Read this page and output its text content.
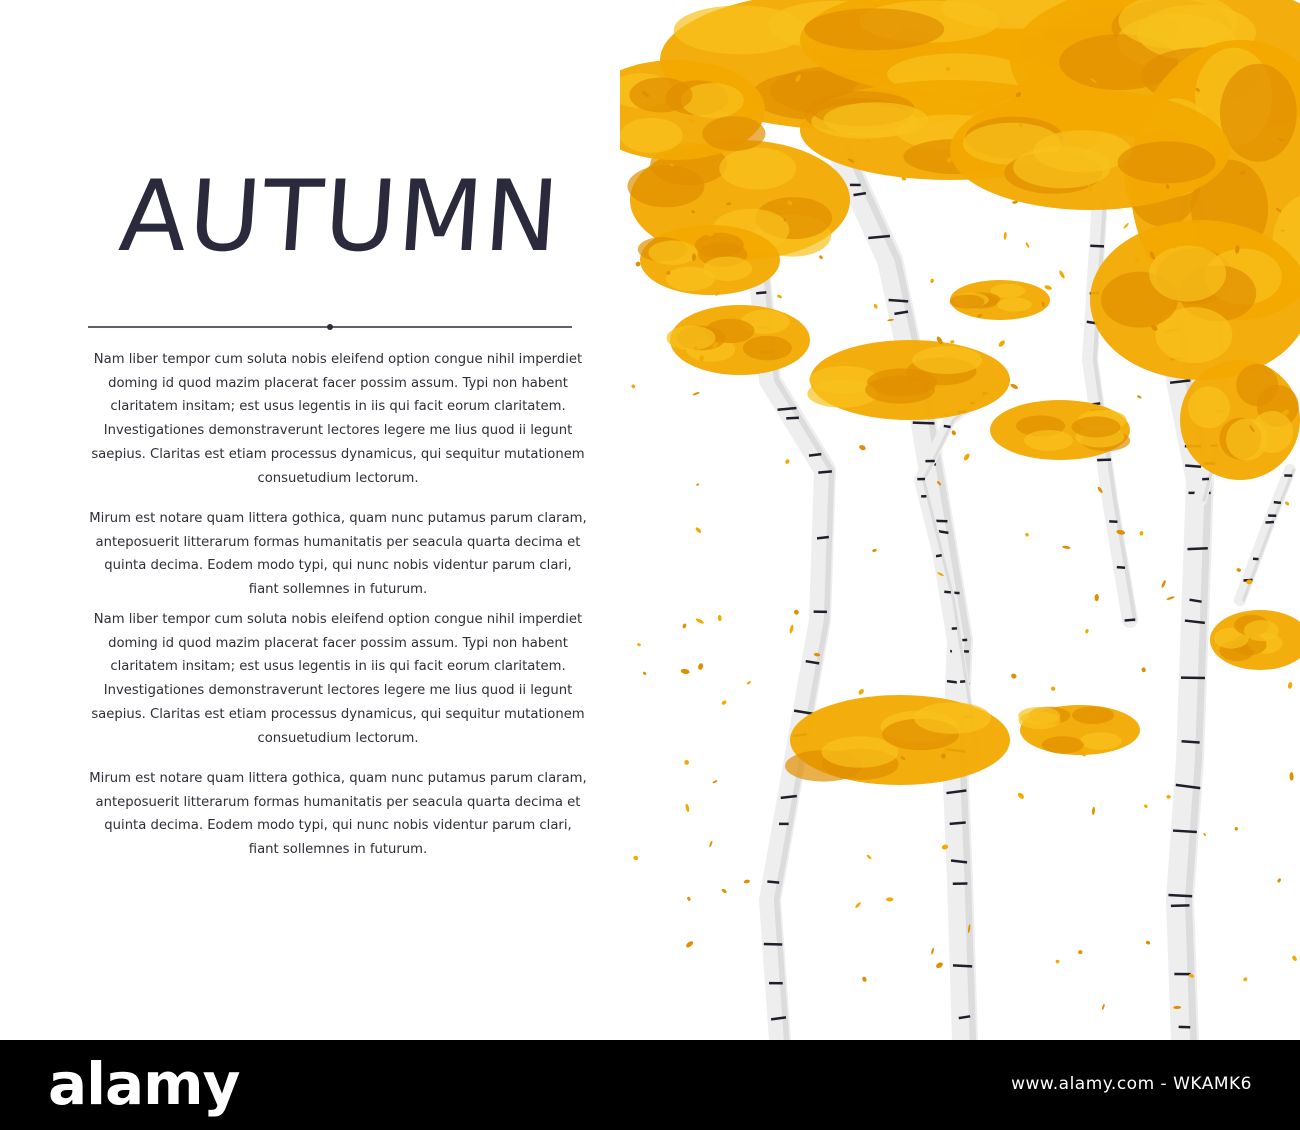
AUTUMN

Nam liber tempor cum soluta nobis eleifend option congue nihil imperdiet doming id quod mazim placerat facer possim assum. Typi non habent claritatem insitam; est usus legentis in iis qui facit eorum claritatem. Investigationes demonstraverunt lectores legere me lius quod ii legunt saepius. Claritas est etiam processus dynamicus, qui sequitur mutationem consuetudium lectorum.

Mirum est notare quam littera gothica, quam nunc putamus parum claram, anteposuerit litterarum formas humanitatis per seacula quarta decima et quinta decima. Eodem modo typi, qui nunc nobis videntur parum clari, fiant sollemnes in futurum.

Nam liber tempor cum soluta nobis eleifend option congue nihil imperdiet doming id quod mazim placerat facer possim assum. Typi non habent claritatem insitam; est usus legentis in iis qui facit eorum claritatem. Investigationes demonstraverunt lectores legere me lius quod ii legunt saepius. Claritas est etiam processus dynamicus, qui sequitur mutationem consuetudium lectorum.

Mirum est notare quam littera gothica, quam nunc putamus parum claram, anteposuerit litterarum formas humanitatis per seacula quarta decima et quinta decima. Eodem modo typi, qui nunc nobis videntur parum clari, fiant sollemnes in futurum.

alamy	www.alamy.com - WKAMK6
